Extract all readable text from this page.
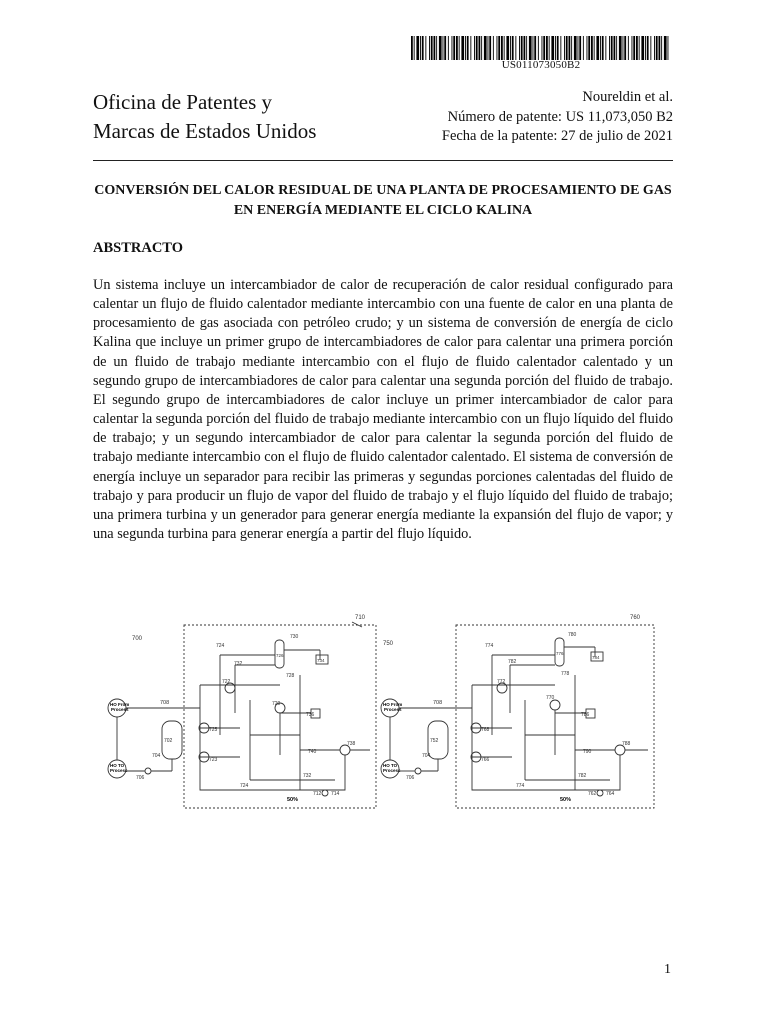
US011073050B2
Oficina de Patentes y
Marcas de Estados Unidos
Noureldin et al.
Número de patente: US 11,073,050 B2
Fecha de la patente: 27 de julio de 2021
CONVERSIÓN DEL CALOR RESIDUAL DE UNA PLANTA DE PROCESAMIENTO DE GAS EN ENERGÍA MEDIANTE EL CICLO KALINA
ABSTRACTO

Un sistema incluye un intercambiador de calor de recuperación de calor residual configurado para calentar un flujo de fluido calentador mediante intercambio con una fuente de calor en una planta de procesamiento de gas asociada con petróleo crudo; y un sistema de conversión de energía de ciclo Kalina que incluye un primer grupo de intercambiadores de calor para calentar una primera porción de un fluido de trabajo mediante intercambio con el flujo de fluido calentador calentado y un segundo grupo de intercambiadores de calor para calentar una segunda porción del fluido de trabajo. El segundo grupo de intercambiadores de calor incluye un primer intercambiador de calor para calentar la segunda porción del fluido de trabajo mediante intercambio con un flujo líquido del fluido de trabajo; y un segundo intercambiador de calor para calentar la segunda porción del fluido de trabajo mediante intercambio con el flujo de fluido calentador calentado. El sistema de conversión de energía incluye un separador para recibir las primeras y segundas porciones calentadas del fluido de trabajo y para producir un flujo de vapor del fluido de trabajo y el flujo líquido del fluido de trabajo; una primera turbina y un generador para generar energía mediante la expansión del flujo de vapor; y una segunda turbina para generar energía a partir del flujo líquido.

700
710
HO From
Process
HO TO
Process
708
702
704
706
724
732
730
726
728
734
722
720
736
725
738
740
723
732
724
712 714
50%
750
760
HO From
Process
HO TO
Process
708
752
704
706
774
782
780
776
778
784
772
770
786
768
788
790
766
782
774
762 764
50%
1
